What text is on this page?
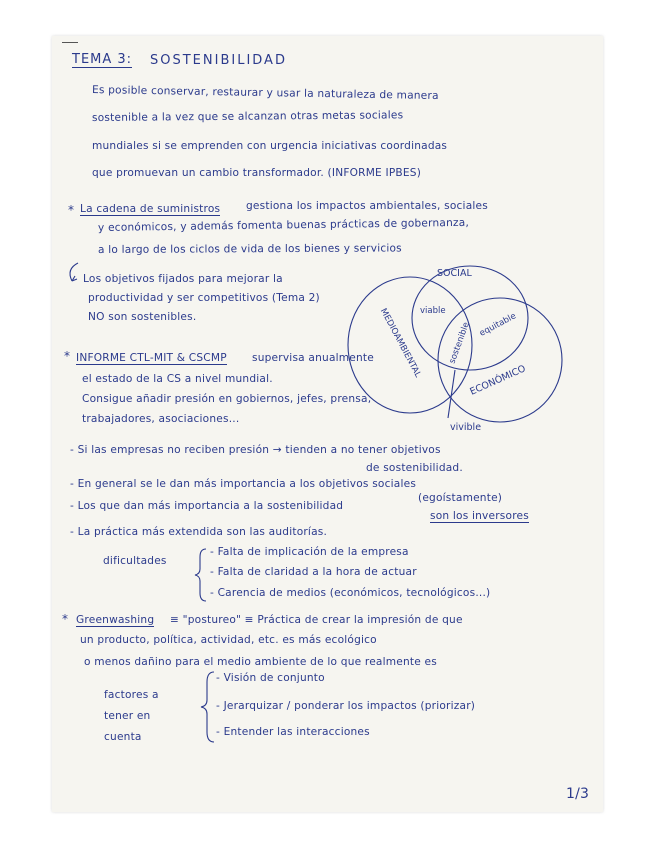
TEMA 3: SOSTENIBILIDAD
Es posible conservar, restaurar y usar la naturaleza de manera
sostenible a la vez que se alcanzan otras metas sociales
mundiales si se emprenden con urgencia iniciativas coordinadas
que promuevan un cambio transformador. (INFORME IPBES)
* La cadena de suministros gestiona los impactos ambientales, sociales
y económicos, y además fomenta buenas prácticas de gobernanza,
a lo largo de los ciclos de vida de los bienes y servicios
Los objetivos fijados para mejorar la
productividad y ser competitivos (Tema 2)
NO son sostenibles.
* INFORME CTL-MIT & CSCMP supervisa anualmente
el estado de la CS a nivel mundial.
Consigue añadir presión en gobiernos, jefes, prensa,
trabajadores, asociaciones...
SOCIAL
viable
equitable
sostenible
MEDIOAMBIENTAL
ECONÓMICO
vivible
- Si las empresas no reciben presión → tienden a no tener objetivos
de sostenibilidad.
- En general se le dan más importancia a los objetivos sociales
- Los que dan más importancia a la sostenibilidad
(egoístamente)
son los inversores
- La práctica más extendida son las auditorías.
dificultades
- Falta de implicación de la empresa
- Falta de claridad a la hora de actuar
- Carencia de medios (económicos, tecnológicos...)
* Greenwashing ≡ "postureo" ≡ Práctica de crear la impresión de que
un producto, política, actividad, etc. es más ecológico
o menos dañino para el medio ambiente de lo que realmente es
factores a
tener en
cuenta
- Visión de conjunto
- Jerarquizar / ponderar los impactos (priorizar)
- Entender las interacciones
1/3
